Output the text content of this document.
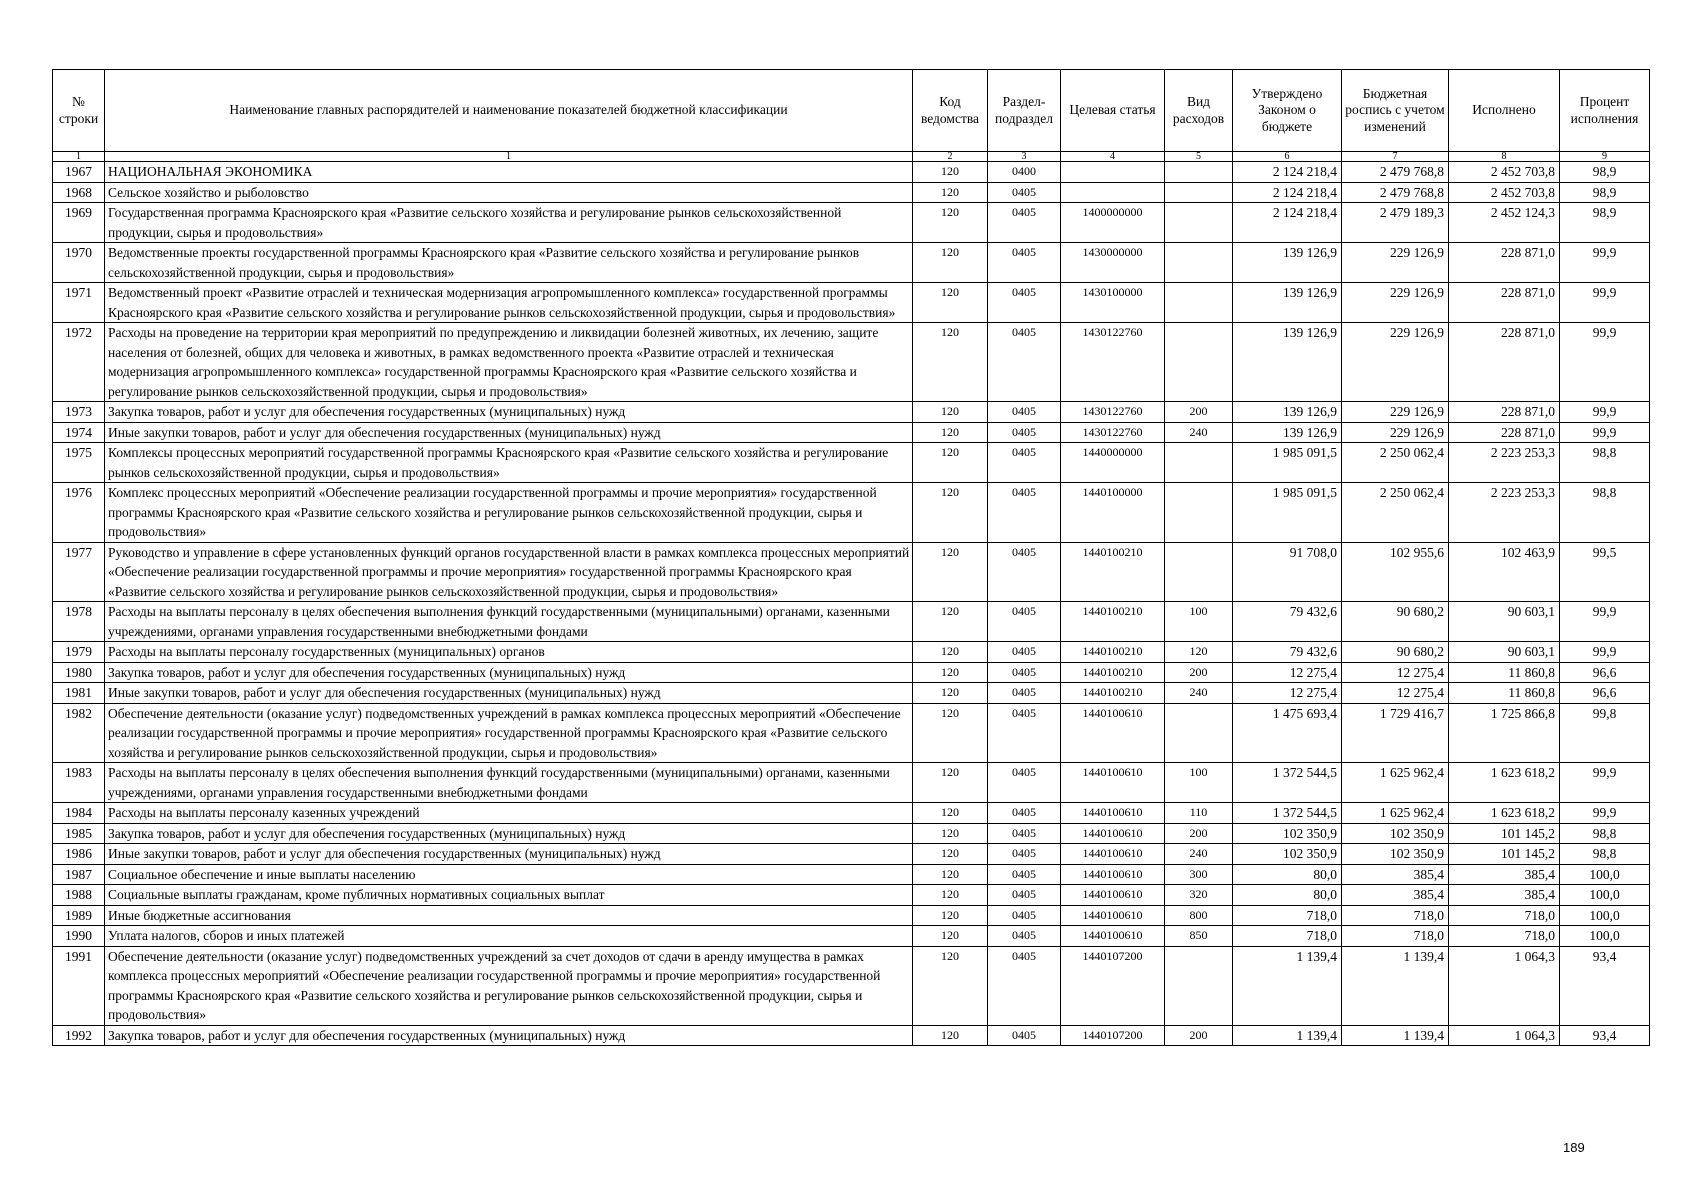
№ строки	Наименование главных распорядителей и наименование показателей бюджетной классификации	Код ведомства	Раздел-подраздел	Целевая статья	Вид расходов	Утверждено Законом о бюджете	Бюджетная роспись с учетом изменений	Исполнено	Процент исполнения
1	1	2	3	4	5	6	7	8	9
1967	НАЦИОНАЛЬНАЯ ЭКОНОМИКА	120	0400			2 124 218,4	2 479 768,8	2 452 703,8	98,9
1968	Сельское хозяйство и рыболовство	120	0405			2 124 218,4	2 479 768,8	2 452 703,8	98,9
1969	Государственная программа Красноярского края «Развитие сельского хозяйства и регулирование рынков сельскохозяйственной продукции, сырья и продовольствия»	120	0405	1400000000		2 124 218,4	2 479 189,3	2 452 124,3	98,9
1970	Ведомственные проекты государственной программы Красноярского края «Развитие сельского хозяйства и регулирование рынков сельскохозяйственной продукции, сырья и продовольствия»	120	0405	1430000000		139 126,9	229 126,9	228 871,0	99,9
1971	Ведомственный проект «Развитие отраслей и техническая модернизация агропромышленного комплекса» государственной программы Красноярского края «Развитие сельского хозяйства и регулирование рынков сельскохозяйственной продукции, сырья и продовольствия»	120	0405	1430100000		139 126,9	229 126,9	228 871,0	99,9
1972	Расходы на проведение на территории края мероприятий по предупреждению и ликвидации болезней животных, их лечению, защите населения от болезней, общих для человека и животных, в рамках ведомственного проекта «Развитие отраслей и техническая модернизация агропромышленного комплекса» государственной программы Красноярского края «Развитие сельского хозяйства и регулирование рынков сельскохозяйственной продукции, сырья и продовольствия»	120	0405	1430122760		139 126,9	229 126,9	228 871,0	99,9
1973	Закупка товаров, работ и услуг для обеспечения государственных (муниципальных) нужд	120	0405	1430122760	200	139 126,9	229 126,9	228 871,0	99,9
1974	Иные закупки товаров, работ и услуг для обеспечения государственных (муниципальных) нужд	120	0405	1430122760	240	139 126,9	229 126,9	228 871,0	99,9
1975	Комплексы процессных мероприятий государственной программы Красноярского края «Развитие сельского хозяйства и регулирование рынков сельскохозяйственной продукции, сырья и продовольствия»	120	0405	1440000000		1 985 091,5	2 250 062,4	2 223 253,3	98,8
1976	Комплекс процессных мероприятий «Обеспечение реализации государственной программы и прочие мероприятия» государственной программы Красноярского края «Развитие сельского хозяйства и регулирование рынков сельскохозяйственной продукции, сырья и продовольствия»	120	0405	1440100000		1 985 091,5	2 250 062,4	2 223 253,3	98,8
1977	Руководство и управление в сфере установленных функций органов государственной власти в рамках комплекса процессных мероприятий «Обеспечение реализации государственной программы и прочие мероприятия» государственной программы Красноярского края «Развитие сельского хозяйства и регулирование рынков сельскохозяйственной продукции, сырья и продовольствия»	120	0405	1440100210		91 708,0	102 955,6	102 463,9	99,5
1978	Расходы на выплаты персоналу в целях обеспечения выполнения функций государственными (муниципальными) органами, казенными учреждениями, органами управления государственными внебюджетными фондами	120	0405	1440100210	100	79 432,6	90 680,2	90 603,1	99,9
1979	Расходы на выплаты персоналу государственных (муниципальных) органов	120	0405	1440100210	120	79 432,6	90 680,2	90 603,1	99,9
1980	Закупка товаров, работ и услуг для обеспечения государственных (муниципальных) нужд	120	0405	1440100210	200	12 275,4	12 275,4	11 860,8	96,6
1981	Иные закупки товаров, работ и услуг для обеспечения государственных (муниципальных) нужд	120	0405	1440100210	240	12 275,4	12 275,4	11 860,8	96,6
1982	Обеспечение деятельности (оказание услуг) подведомственных учреждений в рамках комплекса процессных мероприятий «Обеспечение реализации государственной программы и прочие мероприятия» государственной программы Красноярского края «Развитие сельского хозяйства и регулирование рынков сельскохозяйственной продукции, сырья и продовольствия»	120	0405	1440100610		1 475 693,4	1 729 416,7	1 725 866,8	99,8
1983	Расходы на выплаты персоналу в целях обеспечения выполнения функций государственными (муниципальными) органами, казенными учреждениями, органами управления государственными внебюджетными фондами	120	0405	1440100610	100	1 372 544,5	1 625 962,4	1 623 618,2	99,9
1984	Расходы на выплаты персоналу казенных учреждений	120	0405	1440100610	110	1 372 544,5	1 625 962,4	1 623 618,2	99,9
1985	Закупка товаров, работ и услуг для обеспечения государственных (муниципальных) нужд	120	0405	1440100610	200	102 350,9	102 350,9	101 145,2	98,8
1986	Иные закупки товаров, работ и услуг для обеспечения государственных (муниципальных) нужд	120	0405	1440100610	240	102 350,9	102 350,9	101 145,2	98,8
1987	Социальное обеспечение и иные выплаты населению	120	0405	1440100610	300	80,0	385,4	385,4	100,0
1988	Социальные выплаты гражданам, кроме публичных нормативных социальных выплат	120	0405	1440100610	320	80,0	385,4	385,4	100,0
1989	Иные бюджетные ассигнования	120	0405	1440100610	800	718,0	718,0	718,0	100,0
1990	Уплата налогов, сборов и иных платежей	120	0405	1440100610	850	718,0	718,0	718,0	100,0
1991	Обеспечение деятельности (оказание услуг) подведомственных учреждений за счет доходов от сдачи в аренду имущества в рамках комплекса процессных мероприятий «Обеспечение реализации государственной программы и прочие мероприятия» государственной программы Красноярского края «Развитие сельского хозяйства и регулирование рынков сельскохозяйственной продукции, сырья и продовольствия»	120	0405	1440107200		1 139,4	1 139,4	1 064,3	93,4
1992	Закупка товаров, работ и услуг для обеспечения государственных (муниципальных) нужд	120	0405	1440107200	200	1 139,4	1 139,4	1 064,3	93,4
189
